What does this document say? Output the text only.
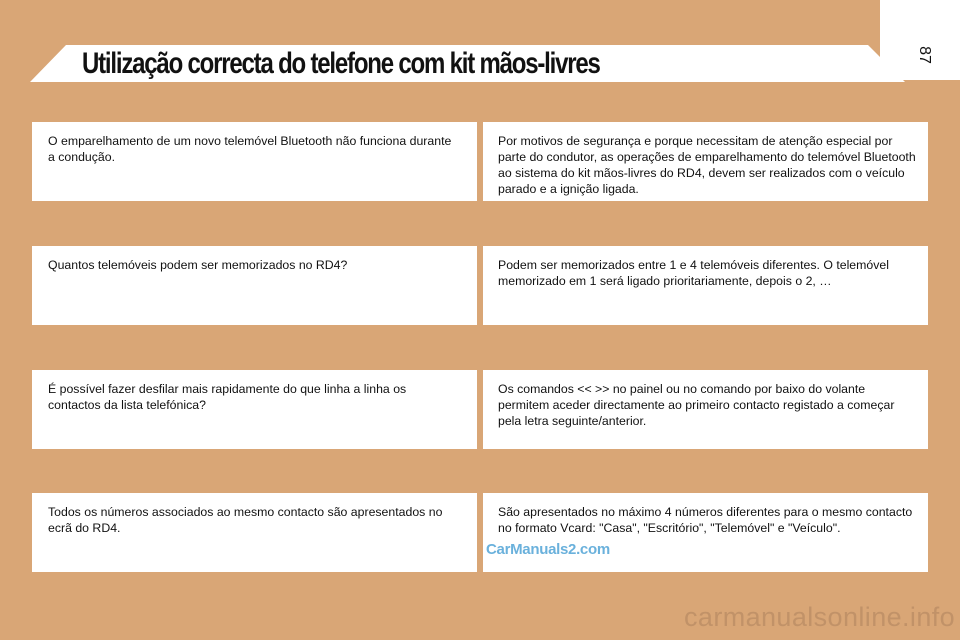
87
Utilização correcta do telefone com kit mãos-livres

O emparelhamento de um novo telemóvel Bluetooth não funciona durante a condução.

Por motivos de segurança e porque necessitam de atenção especial por parte do condutor, as operações de emparelhamento do telemóvel Bluetooth ao sistema do kit mãos-livres do RD4, devem ser realizados com o veículo parado e a ignição ligada.

Quantos telemóveis podem ser memorizados no RD4?	Podem ser memorizados entre 1 e 4 telemóveis diferentes. O telemóvel memorizado em 1 será ligado prioritariamente, depois o 2, …

É possível fazer desfilar mais rapidamente do que linha a linha os contactos da lista telefónica?

Os comandos << >> no painel ou no comando por baixo do volante permitem aceder directamente ao primeiro contacto registado a começar pela letra seguinte/anterior.

Todos os números associados ao mesmo contacto são apresentados no ecrã do RD4.

São apresentados no máximo 4 números diferentes para o mesmo contacto no formato Vcard: "Casa", "Escritório", "Telemóvel" e "Veículo".

CarManuals2.com
carmanualsonline.info
